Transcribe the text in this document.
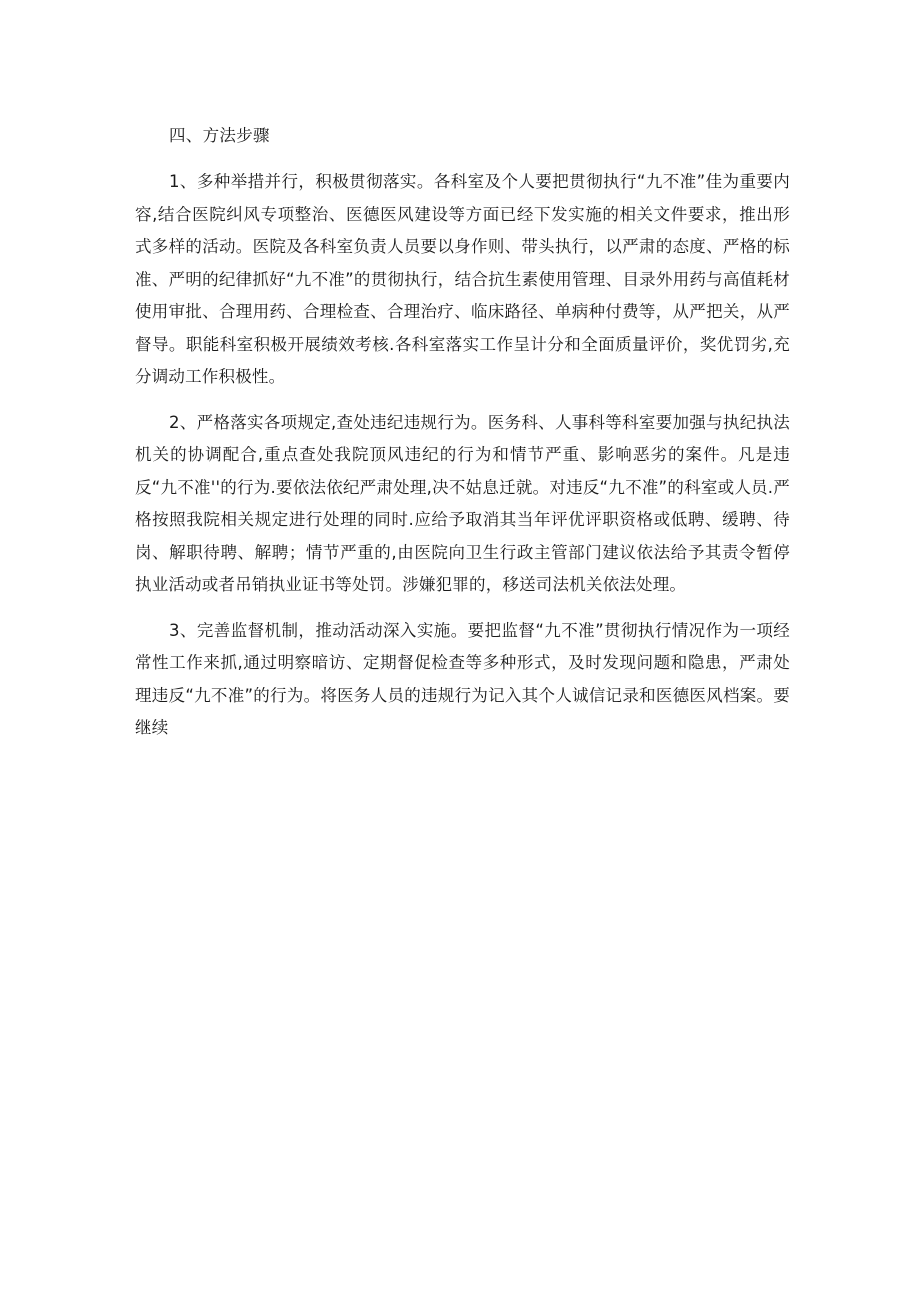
四、方法步骤

1、多种举措并行，积极贯彻落实。各科室及个人要把贯彻执行“九不准”佳为重要内容,结合医院纠风专项整治、医德医风建设等方面已经下发实施的相关文件要求，推出形式多样的活动。医院及各科室负责人员要以身作则、带头执行，以严肃的态度、严格的标准、严明的纪律抓好“九不准”的贯彻执行，结合抗生素使用管理、目录外用药与高值耗材使用审批、合理用药、合理检查、合理治疗、临床路径、单病种付费等，从严把关，从严督导。职能科室积极开展绩效考核.各科室落实工作呈计分和全面质量评价，奖优罚劣,充分调动工作积极性。

2、严格落实各项规定,查处违纪违规行为。医务科、人事科等科室要加强与执纪执法机关的协调配合,重点查处我院顶风违纪的行为和情节严重、影响恶劣的案件。凡是违反“九不准''的行为.要依法依纪严肃处理,决不姑息迁就。对违反“九不准”的科室或人员.严格按照我院相关规定进行处理的同时.应给予取消其当年评优评职资格或低聘、缓聘、待岗、解职待聘、解聘；情节严重的,由医院向卫生行政主管部门建议依法给予其责令暂停执业活动或者吊销执业证书等处罚。涉嫌犯罪的，移送司法机关依法处理。

3、完善监督机制，推动活动深入实施。要把监督“九不准”贯彻执行情况作为一项经常性工作来抓,通过明察暗访、定期督促检查等多种形式，及时发现问题和隐患，严肃处理违反“九不准”的行为。将医务人员的违规行为记入其个人诚信记录和医德医风档案。要继续
